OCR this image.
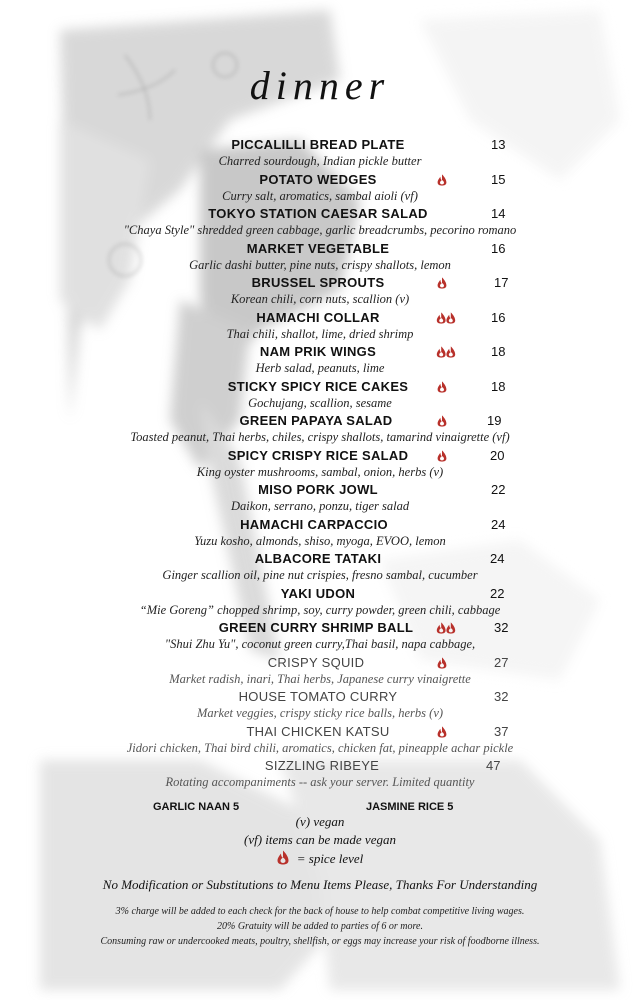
dinner
PICCALILLI BREAD PLATE	13
Charred sourdough, Indian pickle butter
POTATO WEDGES	15
Curry salt, aromatics, sambal aioli (vf)
TOKYO STATION CAESAR SALAD	14
"Chaya Style" shredded green cabbage, garlic breadcrumbs, pecorino romano
MARKET VEGETABLE	16
Garlic dashi butter, pine nuts, crispy shallots, lemon
BRUSSEL SPROUTS	17
Korean chili, corn nuts, scallion (v)
HAMACHI COLLAR	16
Thai chili, shallot, lime, dried shrimp
NAM PRIK WINGS	18
Herb salad, peanuts, lime
STICKY SPICY RICE CAKES	18
Gochujang, scallion, sesame
GREEN PAPAYA SALAD	19
Toasted peanut, Thai herbs, chiles, crispy shallots, tamarind vinaigrette (vf)
SPICY CRISPY RICE SALAD	20
King oyster mushrooms, sambal, onion, herbs (v)
MISO PORK JOWL	22
Daikon, serrano, ponzu, tiger salad
HAMACHI CARPACCIO	24
Yuzu kosho, almonds, shiso, myoga, EVOO, lemon
ALBACORE TATAKI	24
Ginger scallion oil, pine nut crispies, fresno sambal, cucumber
YAKI UDON	22
“Mie Goreng” chopped shrimp, soy, curry powder, green chili, cabbage
GREEN CURRY SHRIMP BALL	32
"Shui Zhu Yu", coconut green curry,Thai basil, napa cabbage,
CRISPY SQUID	27
Market radish, inari, Thai herbs, Japanese curry vinaigrette
HOUSE TOMATO CURRY	32
Market veggies, crispy sticky rice balls, herbs (v)
THAI CHICKEN KATSU	37
Jidori chicken, Thai bird chili, aromatics, chicken fat, pineapple achar pickle
SIZZLING RIBEYE	47
Rotating accompaniments -- ask your server. Limited quantity
GARLIC NAAN 5	JASMINE RICE 5
(v) vegan
(vf) items can be made vegan
= spice level
No Modification or Substitutions to Menu Items Please, Thanks For Understanding
3% charge will be added to each check for the back of house to help combat competitive living wages.
20% Gratuity will be added to parties of 6 or more.
Consuming raw or undercooked meats, poultry, shellfish, or eggs may increase your risk of foodborne illness.
